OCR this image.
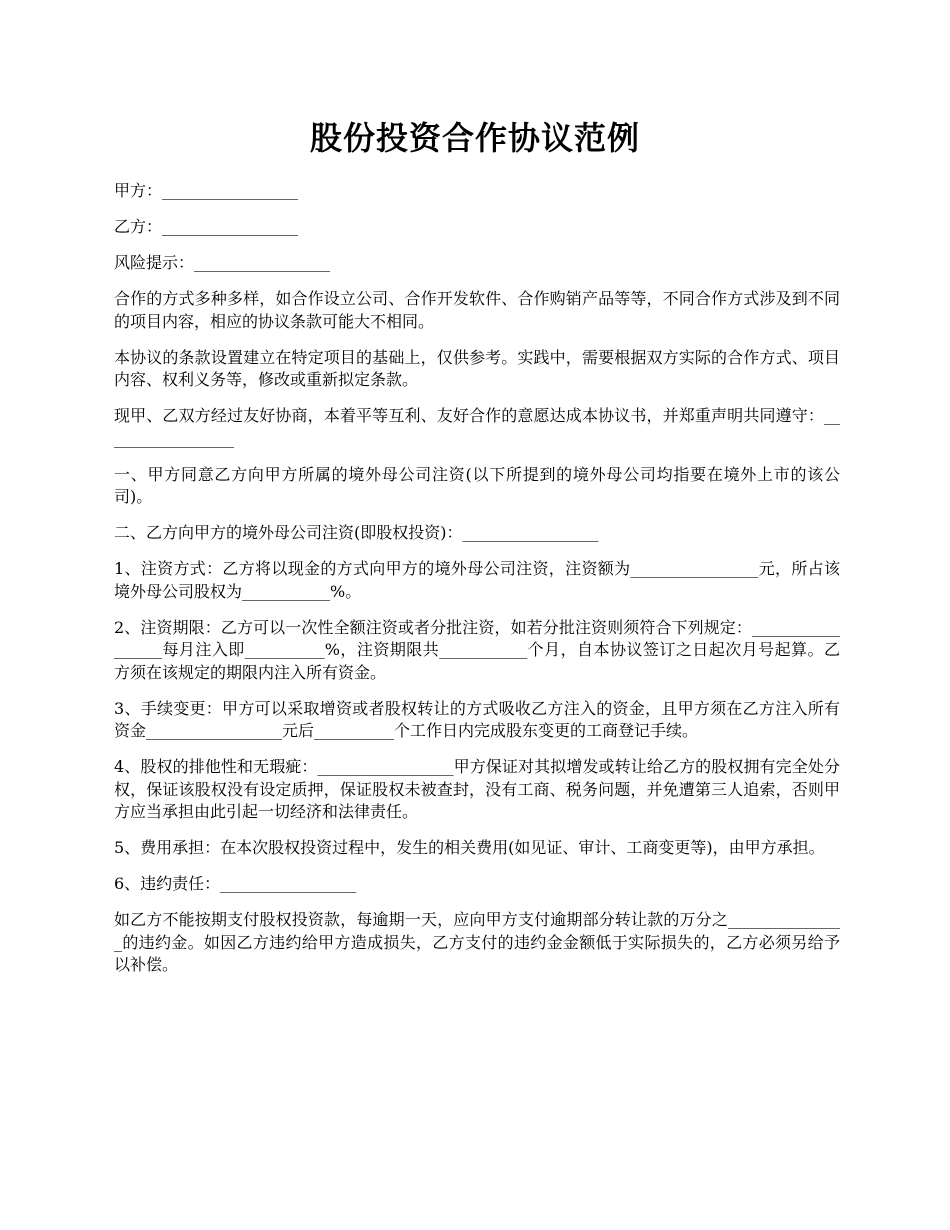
股份投资合作协议范例

甲方：_________________

乙方：_________________

风险提示：_________________

合作的方式多种多样，如合作设立公司、合作开发软件、合作购销产品等等，不同合作方式涉及到不同的项目内容，相应的协议条款可能大不相同。

本协议的条款设置建立在特定项目的基础上，仅供参考。实践中，需要根据双方实际的合作方式、项目内容、权利义务等，修改或重新拟定条款。

现甲、乙双方经过友好协商，本着平等互利、友好合作的意愿达成本协议书，并郑重声明共同遵守：_________________

一、甲方同意乙方向甲方所属的境外母公司注资(以下所提到的境外母公司均指要在境外上市的该公司)。

二、乙方向甲方的境外母公司注资(即股权投资)：_________________

1、注资方式：乙方将以现金的方式向甲方的境外母公司注资，注资额为________________元，所占该境外母公司股权为___________%。

2、注资期限：乙方可以一次性全额注资或者分批注资，如若分批注资则须符合下列规定：_________________每月注入即__________%，注资期限共___________个月，自本协议签订之日起次月号起算。乙方须在该规定的期限内注入所有资金。

3、手续变更：甲方可以采取增资或者股权转让的方式吸收乙方注入的资金，且甲方须在乙方注入所有资金_________________元后__________个工作日内完成股东变更的工商登记手续。

4、股权的排他性和无瑕疵：_________________甲方保证对其拟增发或转让给乙方的股权拥有完全处分权，保证该股权没有设定质押，保证股权未被查封，没有工商、税务问题，并免遭第三人追索，否则甲方应当承担由此引起一切经济和法律责任。

5、费用承担：在本次股权投资过程中，发生的相关费用(如见证、审计、工商变更等)，由甲方承担。

6、违约责任：_________________

如乙方不能按期支付股权投资款，每逾期一天，应向甲方支付逾期部分转让款的万分之_______________的违约金。如因乙方违约给甲方造成损失，乙方支付的违约金金额低于实际损失的，乙方必须另给予以补偿。
